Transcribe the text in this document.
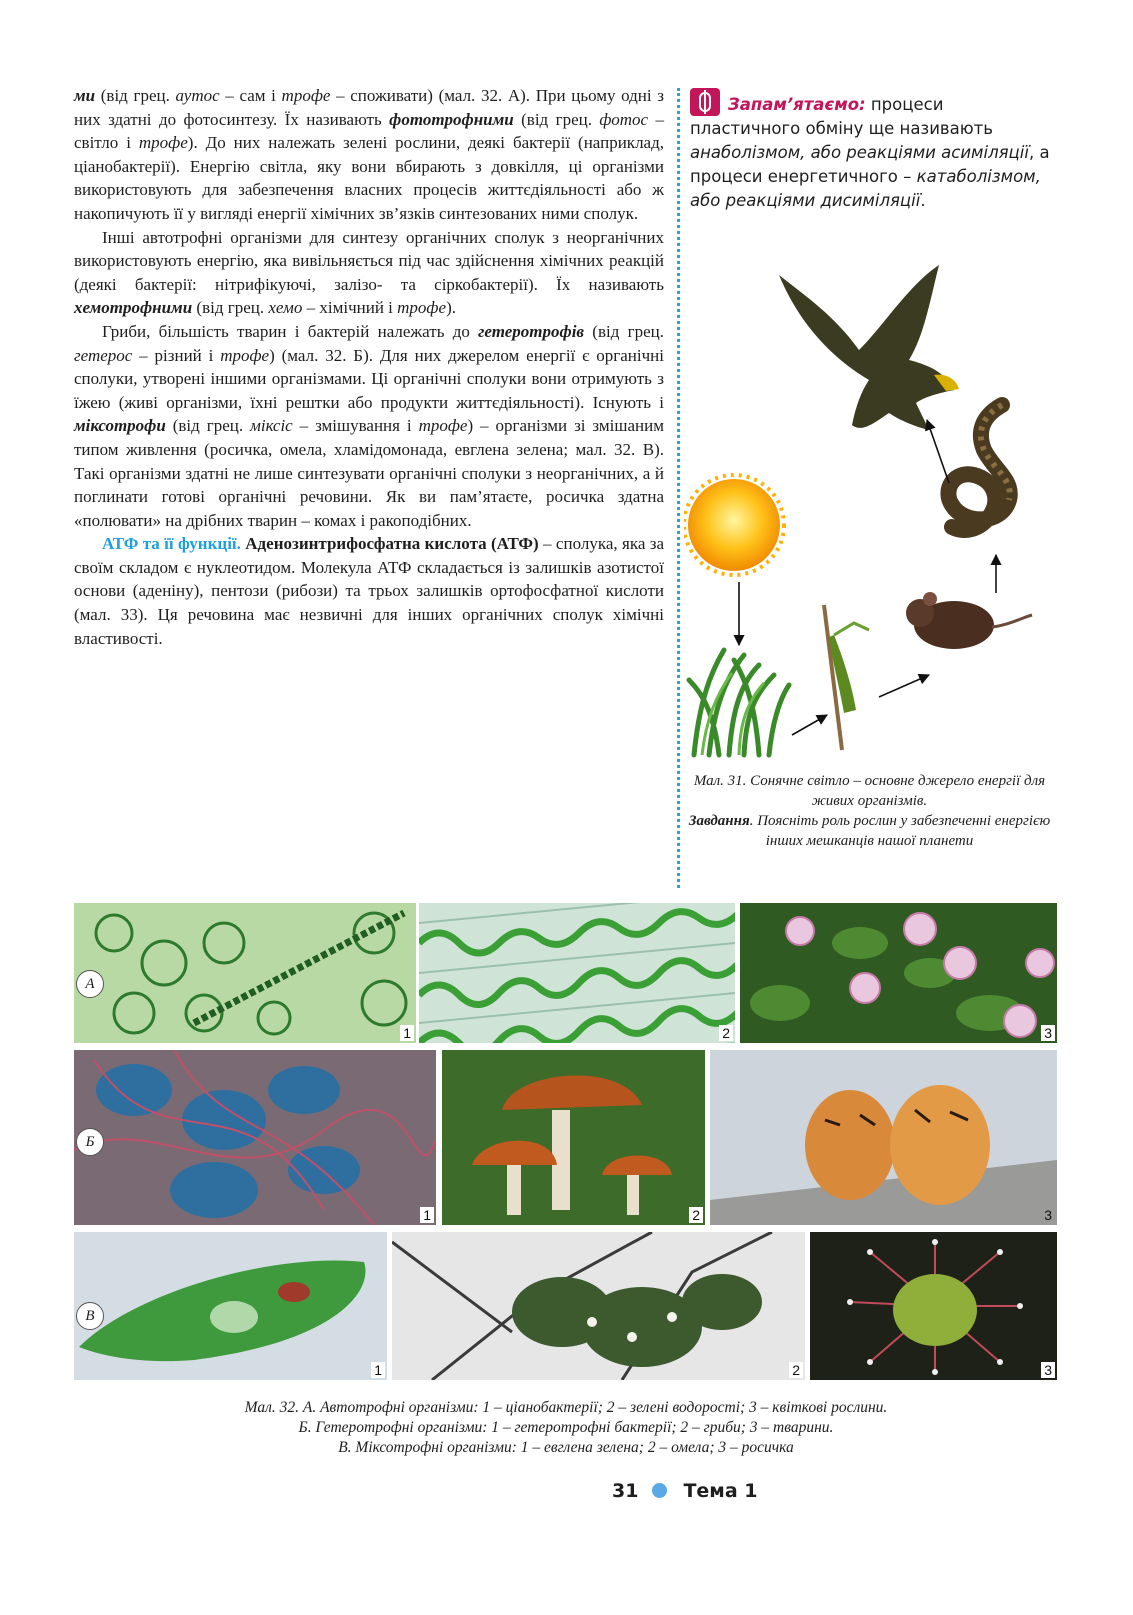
ми (від грец. аутос – сам і трофе – споживати) (мал. 32. А). При цьому одні з них здатні до фотосинтезу. Їх називають фототрофними (від грец. фотос – світло і трофе). До них належать зелені рослини, деякі бактерії (наприклад, ціанобактерії). Енергію світла, яку вони вбирають з довкілля, ці організми використовують для забезпечення власних процесів життєдіяльності або ж накопичують її у вигляді енергії хімічних зв’язків синтезованих ними сполук.

Інші автотрофні організми для синтезу органічних сполук з неорганічних використовують енергію, яка вивільняється під час здійснення хімічних реакцій (деякі бактерії: нітрифікуючі, залізо- та сіркобактерії). Їх називають хемотрофними (від грец. хемо – хімічний і трофе).

Гриби, більшість тварин і бактерій належать до гетеротрофів (від грец. гетерос – різний і трофе) (мал. 32. Б). Для них джерелом енергії є органічні сполуки, утворені іншими організмами. Ці органічні сполуки вони отримують з їжею (живі організми, їхні рештки або продукти життєдіяльності). Існують і міксотрофи (від грец. міксіс – змішування і трофе) – організми зі змішаним типом живлення (росичка, омела, хламідомонада, евглена зелена; мал. 32. В). Такі організми здатні не лише синтезувати органічні сполуки з неорганічних, а й поглинати готові органічні речовини. Як ви пам’ятаєте, росичка здатна «полювати» на дрібних тварин – комах і ракоподібних.

АТФ та її функції. Аденозинтрифосфатна кислота (АТФ) – сполука, яка за своїм складом є нуклеотидом. Молекула АТФ складається із залишків азотистої основи (аденіну), пентози (рибози) та трьох залишків ортофосфатної кислоти (мал. 33). Ця речовина має незвичні для інших органічних сполук хімічні властивості.

Запам’ятаємо: процеси пластичного обміну ще називають анаболізмом, або реакціями асиміляції, а процеси енергетичного – катаболізмом, або реакціями дисиміляції.
Мал. 31. Сонячне світло – основне джерело енергії для живих організмів.
Завдання. Поясніть роль рослин у забезпеченні енергією інших мешканців нашої планети
1	2	3
А
1	2	3
Б
1	2	3
В
Мал. 32. А. Автотрофні організми: 1 – ціанобактерії; 2 – зелені водорості; 3 – квіткові рослини.
Б. Гетеротрофні організми: 1 – гетеротрофні бактерії; 2 – гриби; 3 – тварини.
В. Міксотрофні організми: 1 – евглена зелена; 2 – омела; 3 – росичка
31 Тема 1
